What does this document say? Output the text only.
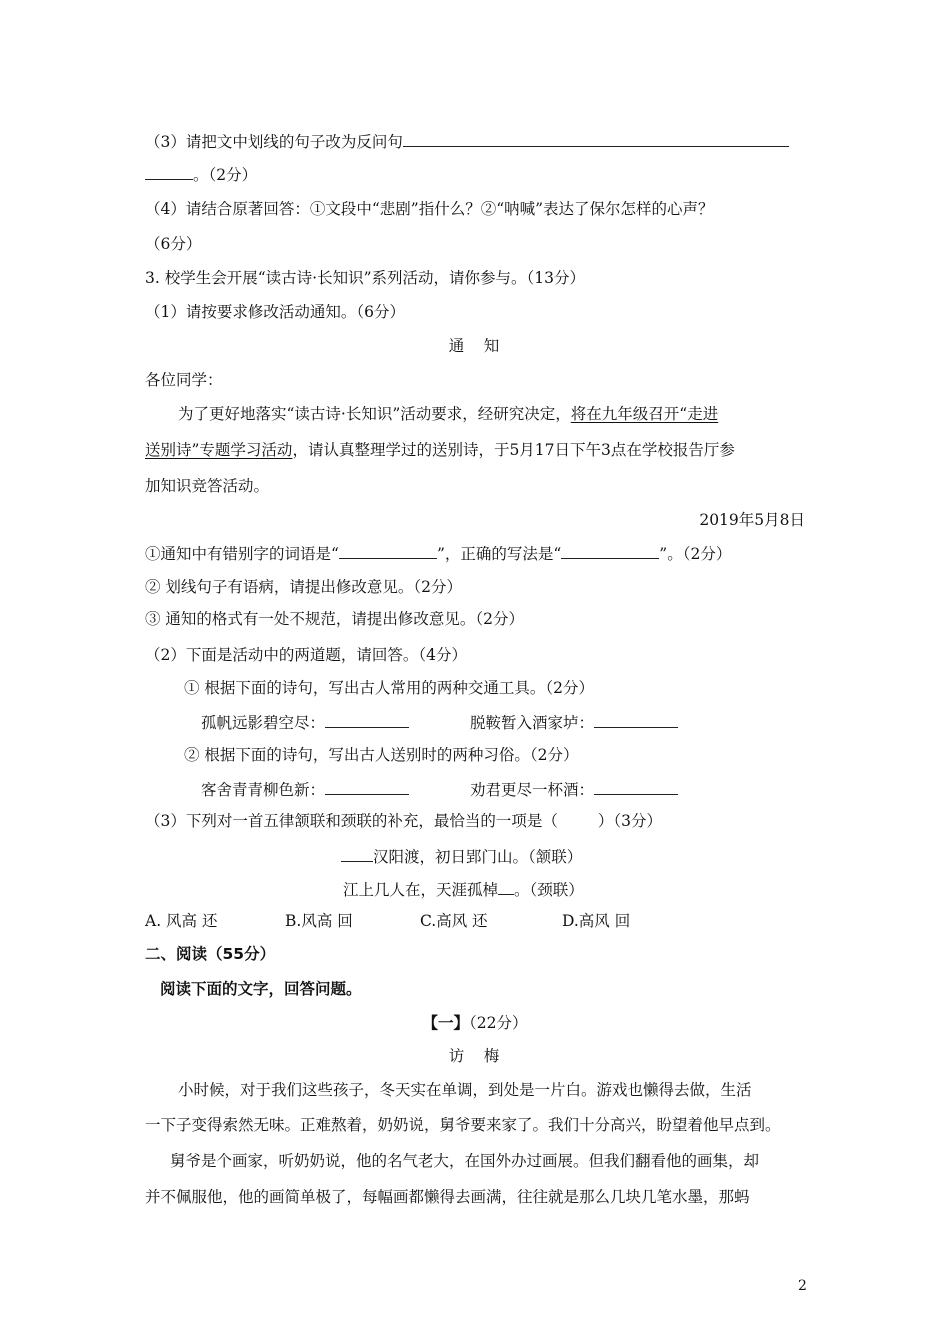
（3）请把文中划线的句子改为反问句
。（2分）
（4）请结合原著回答：①文段中“悲剧”指什么？②“呐喊”表达了保尔怎样的心声？
（6分）
3. 校学生会开展“读古诗·长知识”系列活动，请你参与。（13分）
（1）请按要求修改活动通知。（6分）
通　知
各位同学：
为了更好地落实“读古诗·长知识”活动要求，经研究决定，将在九年级召开“走进
送别诗”专题学习活动，请认真整理学过的送别诗，于5月17日下午3点在学校报告厅参
加知识竞答活动。
2019年5月8日
①通知中有错别字的词语是“	”，正确的写法是“	”。（2分）
② 划线句子有语病，请提出修改意见。（2分）
③ 通知的格式有一处不规范，请提出修改意见。（2分）
（2）下面是活动中的两道题，请回答。（4分）
① 根据下面的诗句，写出古人常用的两种交通工具。（2分）
孤帆远影碧空尽：	脱鞍暂入酒家垆：
② 根据下面的诗句，写出古人送别时的两种习俗。（2分）
客舍青青柳色新：	劝君更尽一杯酒：
（3）下列对一首五律颔联和颈联的补充，最恰当的一项是（	）（3分）
汉阳渡，初日郢门山。（颔联）
江上几人在，天涯孤棹 。（颈联）
A. 风高 还	B.风高 回	C.高风 还	D.高风 回
二、阅读（55分）
阅读下面的文字，回答问题。
【一】（22分）
访　梅
小时候，对于我们这些孩子，冬天实在单调，到处是一片白。游戏也懒得去做，生活
一下子变得索然无味。正难熬着，奶奶说，舅爷要来家了。我们十分高兴，盼望着他早点到。
舅爷是个画家，听奶奶说，他的名气老大，在国外办过画展。但我们翻看他的画集，却
并不佩服他，他的画简单极了，每幅画都懒得去画满，往往就是那么几块几笔水墨，那蚂
2
